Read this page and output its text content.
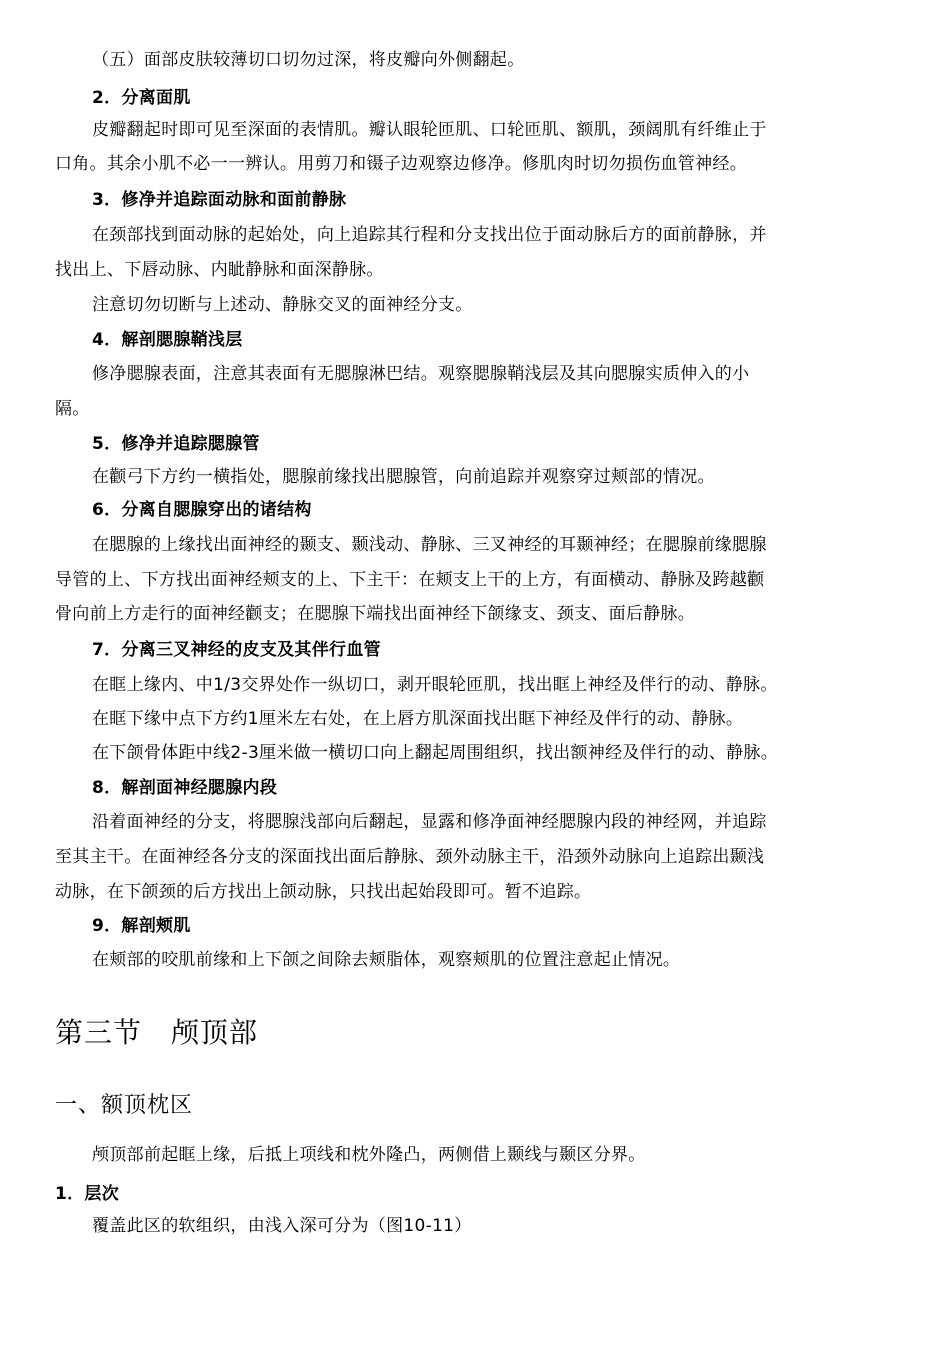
（五）面部皮肤较薄切口切勿过深，将皮瓣向外侧翻起。
2．分离面肌
皮瓣翻起时即可见至深面的表情肌。瓣认眼轮匝肌、口轮匝肌、额肌，颈阔肌有纤维止于
口角。其余小肌不必一一辨认。用剪刀和镊子边观察边修净。修肌肉时切勿损伤血管神经。
3．修净并追踪面动脉和面前静脉
在颈部找到面动脉的起始处，向上追踪其行程和分支找出位于面动脉后方的面前静脉，并
找出上、下唇动脉、内眦静脉和面深静脉。
注意切勿切断与上述动、静脉交叉的面神经分支。
4．解剖腮腺鞘浅层
修净腮腺表面，注意其表面有无腮腺淋巴结。观察腮腺鞘浅层及其向腮腺实质伸入的小
隔。
5．修净并追踪腮腺管
在颧弓下方约一横指处，腮腺前缘找出腮腺管，向前追踪并观察穿过颊部的情况。
6．分离自腮腺穿出的诸结构
在腮腺的上缘找出面神经的颞支、颞浅动、静脉、三叉神经的耳颞神经；在腮腺前缘腮腺
导管的上、下方找出面神经颊支的上、下主干：在颊支上干的上方，有面横动、静脉及跨越颧
骨向前上方走行的面神经颧支；在腮腺下端找出面神经下颌缘支、颈支、面后静脉。
7．分离三叉神经的皮支及其伴行血管
在眶上缘内、中1/3交界处作一纵切口，剥开眼轮匝肌，找出眶上神经及伴行的动、静脉。
在眶下缘中点下方约1厘米左右处，在上唇方肌深面找出眶下神经及伴行的动、静脉。
在下颌骨体距中线2-3厘米做一横切口向上翻起周围组织，找出额神经及伴行的动、静脉。
8．解剖面神经腮腺内段
沿着面神经的分支，将腮腺浅部向后翻起，显露和修净面神经腮腺内段的神经网，并追踪
至其主干。在面神经各分支的深面找出面后静脉、颈外动脉主干，沿颈外动脉向上追踪出颞浅
动脉，在下颌颈的后方找出上颌动脉，只找出起始段即可。暂不追踪。
9．解剖颊肌
在颊部的咬肌前缘和上下颌之间除去颊脂体，观察颊肌的位置注意起止情况。
第三节　颅顶部
一、额顶枕区
颅顶部前起眶上缘，后抵上项线和枕外隆凸，两侧借上颞线与颞区分界。
1．层次
覆盖此区的软组织，由浅入深可分为（图10-11）
